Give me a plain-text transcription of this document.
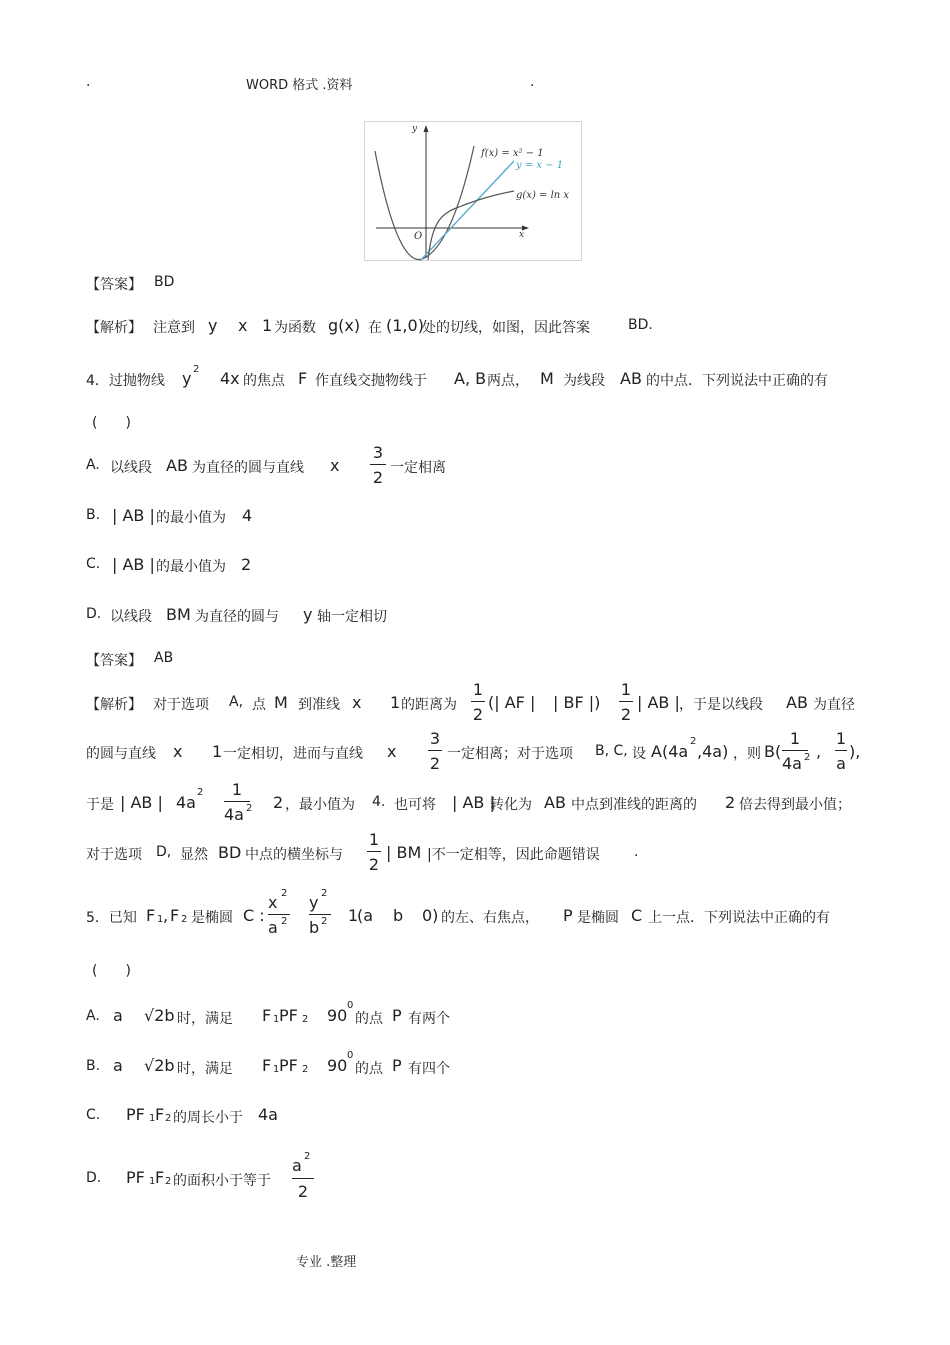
.	WORD 格式 .资料	.
y
x
O
f(x) = x² − 1
y = x − 1
g(x) = ln x
【答案】 BD
【解析】 注意到 y x 1 为函数 g(x) 在 (1,0)
处的切线，如图，因此答案	BD.
4．过抛物线 y 2 4x 的焦点 F 作直线交抛物线于 A, B 两点， M 为线段 AB 的中点．下列说法中正确的有
(　　)
A. 以线段 AB 为直径的圆与直线 x
3
2 一定相离
B. | AB | 的最小值为 4
C. | AB | 的最小值为 2
D. 以线段 BM 为直径的圆与 y 轴一定相切
【答案】 AB
【解析】 对于选项 A, 点 M 到准线 x 1 的距离为
1
2
(| AF | | BF |)
1
2
| AB | ，于是以线段 AB 为直径
的圆与直线 x 1 一定相切，进而与直线 x
3
2 一定相离；对于选项 B, C, 设 A(4a
2
,4a) ，则 B(
1
4a 2 ,
1
a
),
于是 | AB | 4a
2	1
4a 2 2 ，最小值为 4. 也可将 | AB |
转化为 AB 中点到准线的距离的 2 倍去得到最小值；
对于选项 D, 显然 BD 中点的横坐标与
1
2
| BM |不一定相等，因此命题错误 .
5．已知 F 1 , F 2 是椭圆 C :
x 2
a 2
y 2
b 2 1
(a b 0) 的左、右焦点， P 是椭圆 C 上一点．下列说法中正确的有
(　　)
A. a √2b 时，满足 F 1 PF 2 90
0
的点 P 有两个
B. a √2b 时，满足 F 1 PF 2 90
0
的点 P 有四个
C. PF 1 F 2 的周长小于 4a
D. PF 1 F 2 的面积小于等于
a 2
2
专业 .整理
